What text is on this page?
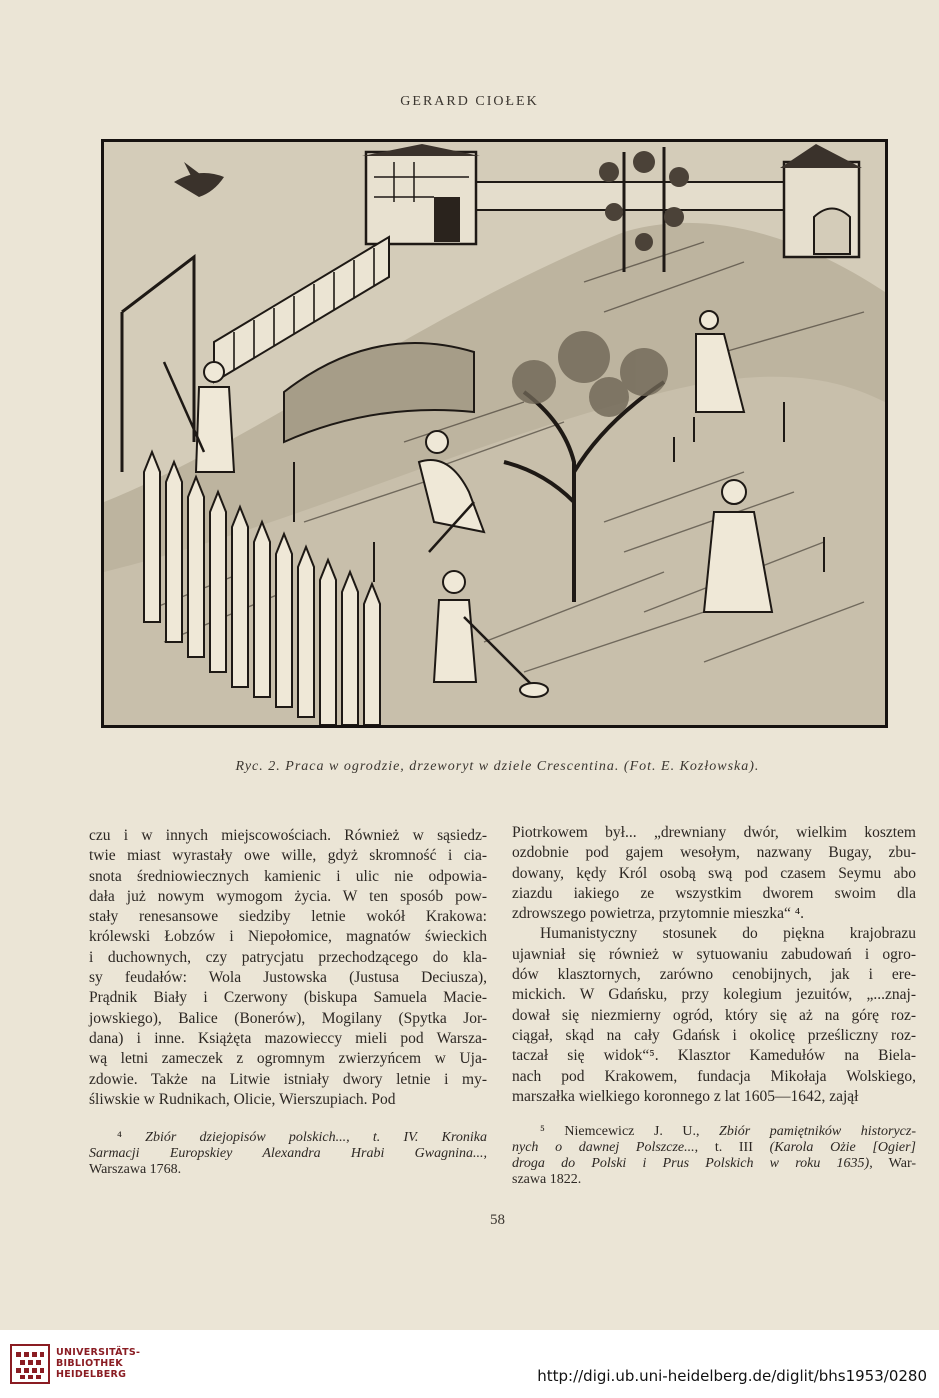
GERARD CIOŁEK
Ryc. 2. Praca w ogrodzie, drzeworyt w dziele Crescentina. (Fot. E. Kozłowska).
czu i w innych miejscowościach. Również w sąsiedz-
twie miast wyrastały owe wille, gdyż skromność i cia-
snota średniowiecznych kamienic i ulic nie odpowia-
dała już nowym wymogom życia. W ten sposób pow-
stały renesansowe siedziby letnie wokół Krakowa:
królewski Łobzów i Niepołomice, magnatów świeckich
i duchownych, czy patrycjatu przechodzącego do kla-
sy feudałów: Wola Justowska (Justusa Deciusza),
Prądnik Biały i Czerwony (biskupa Samuela Macie-
jowskiego), Balice (Bonerów), Mogilany (Spytka Jor-
dana) i inne. Książęta mazowieccy mieli pod Warsza-
wą letni zameczek z ogromnym zwierzyńcem w Uja-
zdowie. Także na Litwie istniały dwory letnie i my-
śliwskie w Rudnikach, Olicie, Wierszupiach. Pod
Piotrkowem był... „drewniany dwór, wielkim kosztem
ozdobnie pod gajem wesołym, nazwany Bugay, zbu-
dowany, kędy Król osobą swą pod czasem Seymu abo
ziazdu iakiego ze wszystkim dworem swoim dla
zdrowszego powietrza, przytomnie mieszka“ ⁴.
Humanistyczny stosunek do piękna krajobrazu
ujawniał się również w sytuowaniu zabudowań i ogro-
dów klasztornych, zarówno cenobijnych, jak i ere-
mickich. W Gdańsku, przy kolegium jezuitów, „...znaj-
dował się niezmierny ogród, który się aż na górę roz-
ciągał, skąd na cały Gdańsk i okolicę prześliczny roz-
taczał się widok“⁵. Klasztor Kamedułów na Biela-
nach pod Krakowem, fundacja Mikołaja Wolskiego,
marszałka wielkiego koronnego z lat 1605—1642, zajął
⁴ Zbiór dziejopisów polskich..., t. IV. Kronika
Sarmacji Europskiey Alexandra Hrabi Gwagnina...,
Warszawa 1768.
⁵ Niemcewicz J. U., Zbiór pamiętników historycz-
nych o dawnej Polszcze..., t. III (Karola Ożie [Ogier]
droga do Polski i Prus Polskich w roku 1635), War-
szawa 1822.
58
UNIVERSITÄTS-
BIBLIOTHEK
HEIDELBERG	http://digi.ub.uni-heidelberg.de/diglit/bhs1953/0280
